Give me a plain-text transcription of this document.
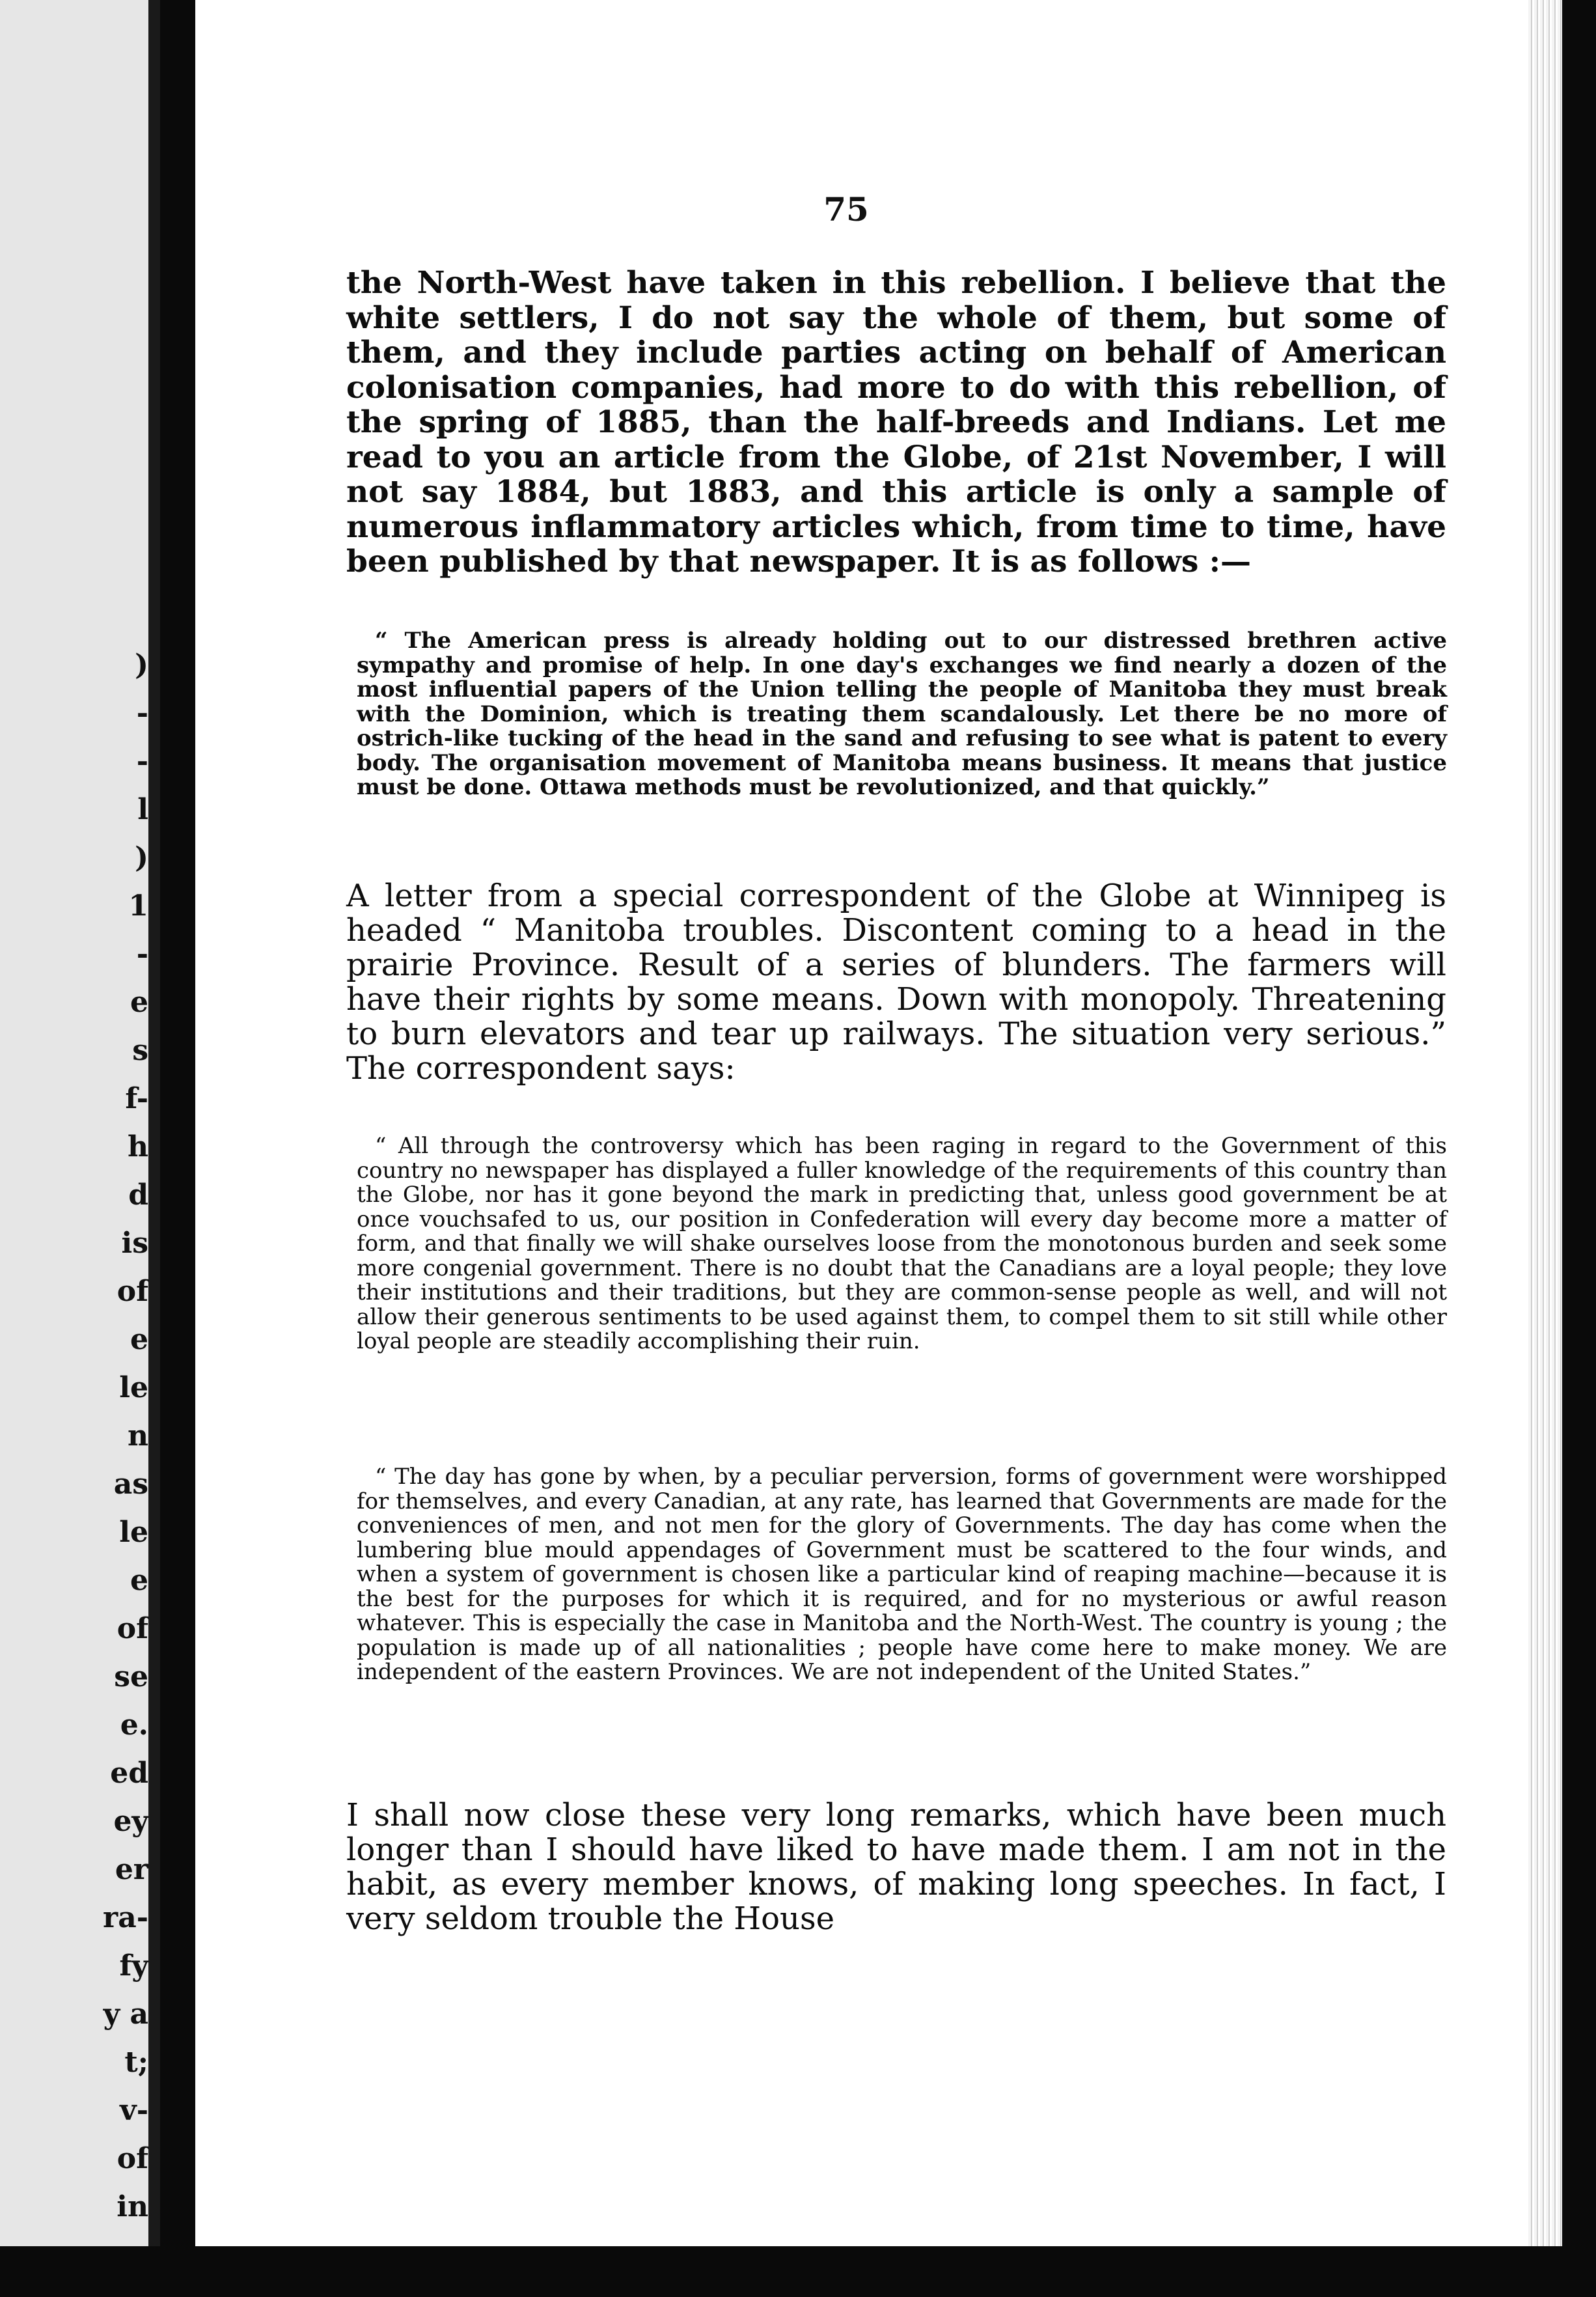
)
-
-
l
)
1
-
e
s
f-
h
d
is
of
e
le
n
as
le
e
of
se
e.
ed
ey
er
ra-
fy
y a
t;
v-
of
in
75

the North-West have taken in this rebellion. I believe that the white settlers, I do not say the whole of them, but some of them, and they include parties acting on behalf of American colonisation companies, had more to do with this rebellion, of the spring of 1885, than the half-breeds and Indians. Let me read to you an article from the Globe, of 21st November, I will not say 1884, but 1883, and this article is only a sample of numerous inflammatory articles which, from time to time, have been published by that newspaper. It is as follows :—

“ The American press is already holding out to our distressed brethren active sympathy and promise of help. In one day's exchanges we find nearly a dozen of the most influential papers of the Union telling the people of Manitoba they must break with the Dominion, which is treating them scandalously. Let there be no more of ostrich-like tucking of the head in the sand and refusing to see what is patent to every body. The organisation movement of Manitoba means business. It means that justice must be done. Ottawa methods must be revolutionized, and that quickly.”

A letter from a special correspondent of the Globe at Winnipeg is headed “ Manitoba troubles. Discontent coming to a head in the prairie Province. Result of a series of blunders. The farmers will have their rights by some means. Down with monopoly. Threatening to burn elevators and tear up railways. The situation very serious.” The correspondent says:

“ All through the controversy which has been raging in regard to the Government of this country no newspaper has displayed a fuller knowledge of the requirements of this country than the Globe, nor has it gone beyond the mark in predicting that, unless good government be at once vouchsafed to us, our position in Confederation will every day become more a matter of form, and that finally we will shake ourselves loose from the monotonous burden and seek some more congenial government. There is no doubt that the Canadians are a loyal people; they love their institutions and their traditions, but they are common-sense people as well, and will not allow their generous sentiments to be used against them, to compel them to sit still while other loyal people are steadily accomplishing their ruin.

“ The day has gone by when, by a peculiar perversion, forms of government were worshipped for themselves, and every Canadian, at any rate, has learned that Governments are made for the conveniences of men, and not men for the glory of Governments. The day has come when the lumbering blue mould appendages of Government must be scattered to the four winds, and when a system of government is chosen like a particular kind of reaping machine—because it is the best for the purposes for which it is required, and for no mysterious or awful reason whatever. This is especially the case in Manitoba and the North-West. The country is young ; the population is made up of all nationalities ; people have come here to make money. We are independent of the eastern Provinces. We are not independent of the United States.”

I shall now close these very long remarks, which have been much longer than I should have liked to have made them. I am not in the habit, as every member knows, of making long speeches. In fact, I very seldom trouble the House
